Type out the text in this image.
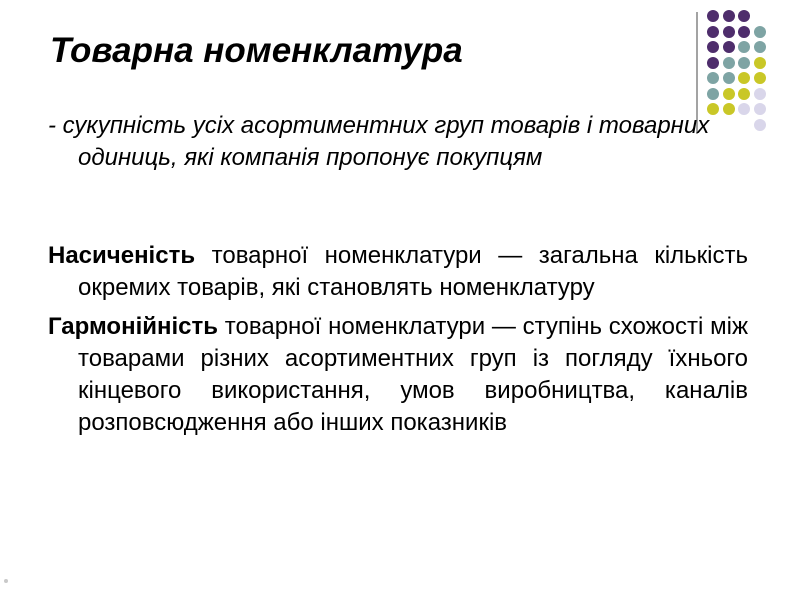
Товарна номенклатура

- сукупність усіх асортиментних груп товарів і товарних одиниць, які компанія пропонує покупцям

Насиченість товарної номенклатури — загальна кількість окремих товарів, які становлять номенклатуру

Гармонійність товарної номенклатури — ступінь схожості між товарами різних асортиментних груп із погляду їхнього кінцевого використання, умов виробництва, каналів розповсюдження або інших показників
